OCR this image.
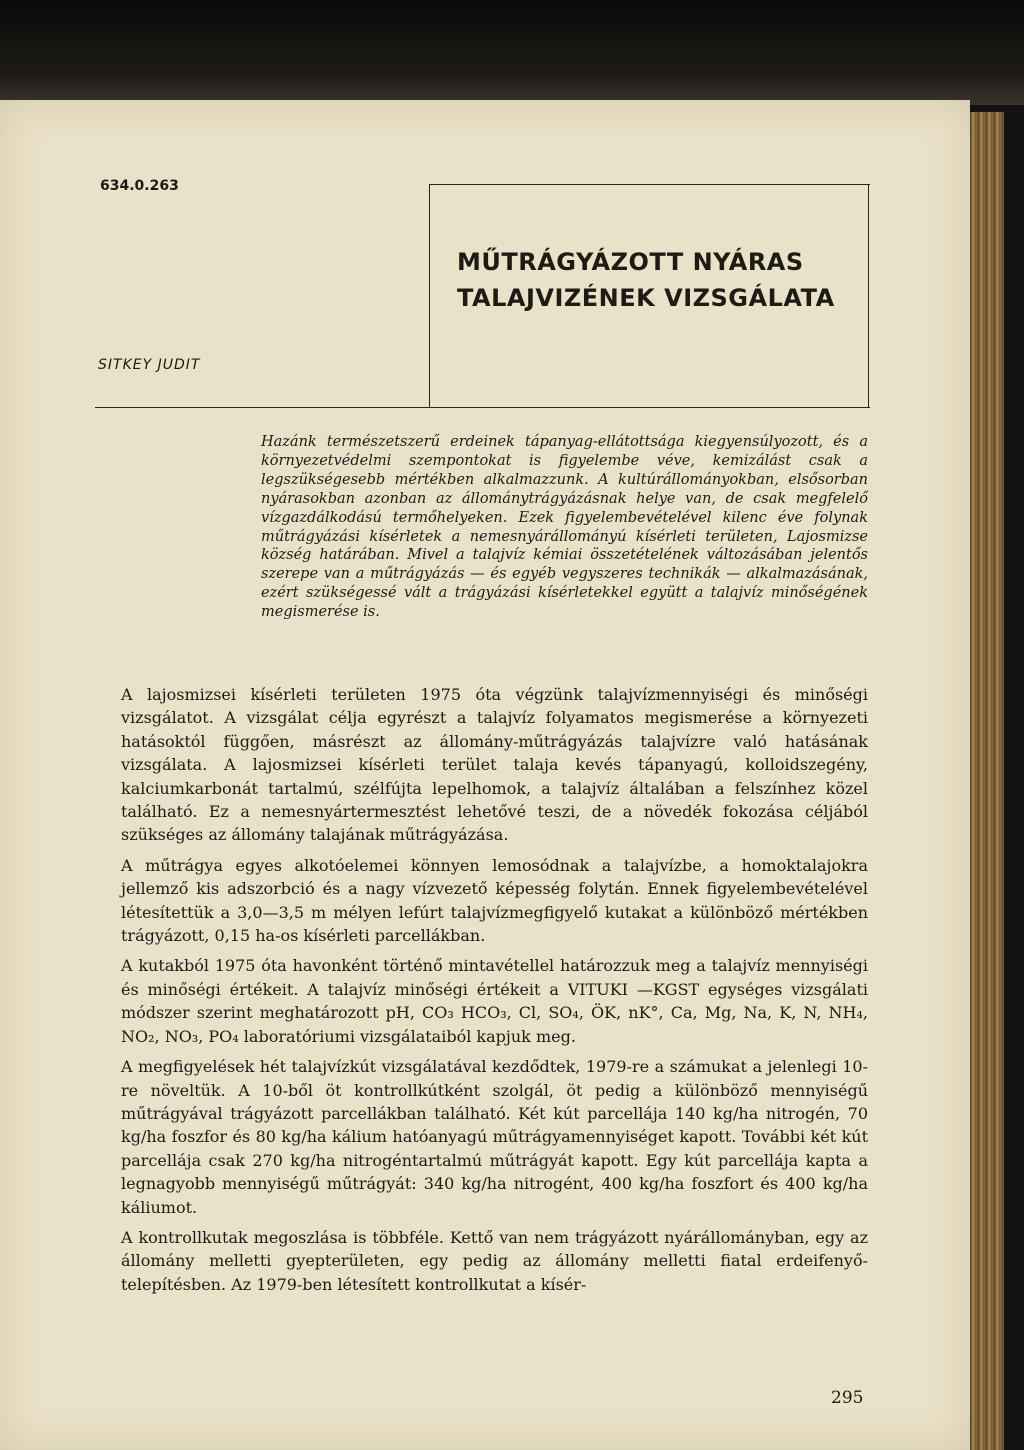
634.0.263
MŰTRÁGYÁZOTT NYÁRAS TALAJVIZÉNEK VIZSGÁLATA
SITKEY JUDIT

Hazánk természetszerű erdeinek tápanyag-ellátottsága kiegyensúlyozott, és a környezetvédelmi szempontokat is figyelembe véve, kemizálást csak a legszükségesebb mértékben alkalmazzunk. A kultúrállományokban, elsősorban nyárasokban azonban az állománytrágyázásnak helye van, de csak megfelelő vízgazdálkodású termőhelyeken. Ezek figyelembevételével kilenc éve folynak műtrágyázási kísérletek a nemesnyárállományú kísérleti területen, Lajosmizse község határában. Mivel a talajvíz kémiai összetételének változásában jelentős szerepe van a műtrágyázás — és egyéb vegyszeres technikák — alkalmazásának, ezért szükségessé vált a trágyázási kísérletekkel együtt a talajvíz minőségének megismerése is.

A lajosmizsei kísérleti területen 1975 óta végzünk talajvízmennyiségi és minőségi vizsgálatot. A vizsgálat célja egyrészt a talajvíz folyamatos megismerése a környezeti hatásoktól függően, másrészt az állomány-műtrágyázás talajvízre való hatásának vizsgálata. A lajosmizsei kísérleti terület talaja kevés tápanyagú, kolloidszegény, kalciumkarbonát tartalmú, szélfújta lepelhomok, a talajvíz általában a felszínhez közel található. Ez a nemesnyártermesztést lehetővé teszi, de a növedék fokozása céljából szükséges az állomány talajának műtrágyázása.

A műtrágya egyes alkotóelemei könnyen lemosódnak a talajvízbe, a homoktalajokra jellemző kis adszorbció és a nagy vízvezető képesség folytán. Ennek figyelembevételével létesítettük a 3,0—3,5 m mélyen lefúrt talajvízmegfigyelő kutakat a különböző mértékben trágyázott, 0,15 ha-os kísérleti parcellákban.

A kutakból 1975 óta havonként történő mintavétellel határozzuk meg a talajvíz mennyiségi és minőségi értékeit. A talajvíz minőségi értékeit a VITUKI —KGST egységes vizsgálati módszer szerint meghatározott pH, CO₃ HCO₃, Cl, SO₄, ÖK, nK°, Ca, Mg, Na, K, N, NH₄, NO₂, NO₃, PO₄ laboratóriumi vizsgálataiból kapjuk meg.

A megfigyelések hét talajvízkút vizsgálatával kezdődtek, 1979-re a számukat a jelenlegi 10-re növeltük. A 10-ből öt kontrollkútként szolgál, öt pedig a különböző mennyiségű műtrágyával trágyázott parcellákban található. Két kút parcellája 140 kg/ha nitrogén, 70 kg/ha foszfor és 80 kg/ha kálium hatóanyagú műtrágyamennyiséget kapott. További két kút parcellája csak 270 kg/ha nitrogéntartalmú műtrágyát kapott. Egy kút parcellája kapta a legnagyobb mennyiségű műtrágyát: 340 kg/ha nitrogént, 400 kg/ha foszfort és 400 kg/ha káliumot.

A kontrollkutak megoszlása is többféle. Kettő van nem trágyázott nyárállományban, egy az állomány melletti gyepterületen, egy pedig az állomány melletti fiatal erdeifenyő-telepítésben. Az 1979-ben létesített kontrollkutat a kísér-

295
